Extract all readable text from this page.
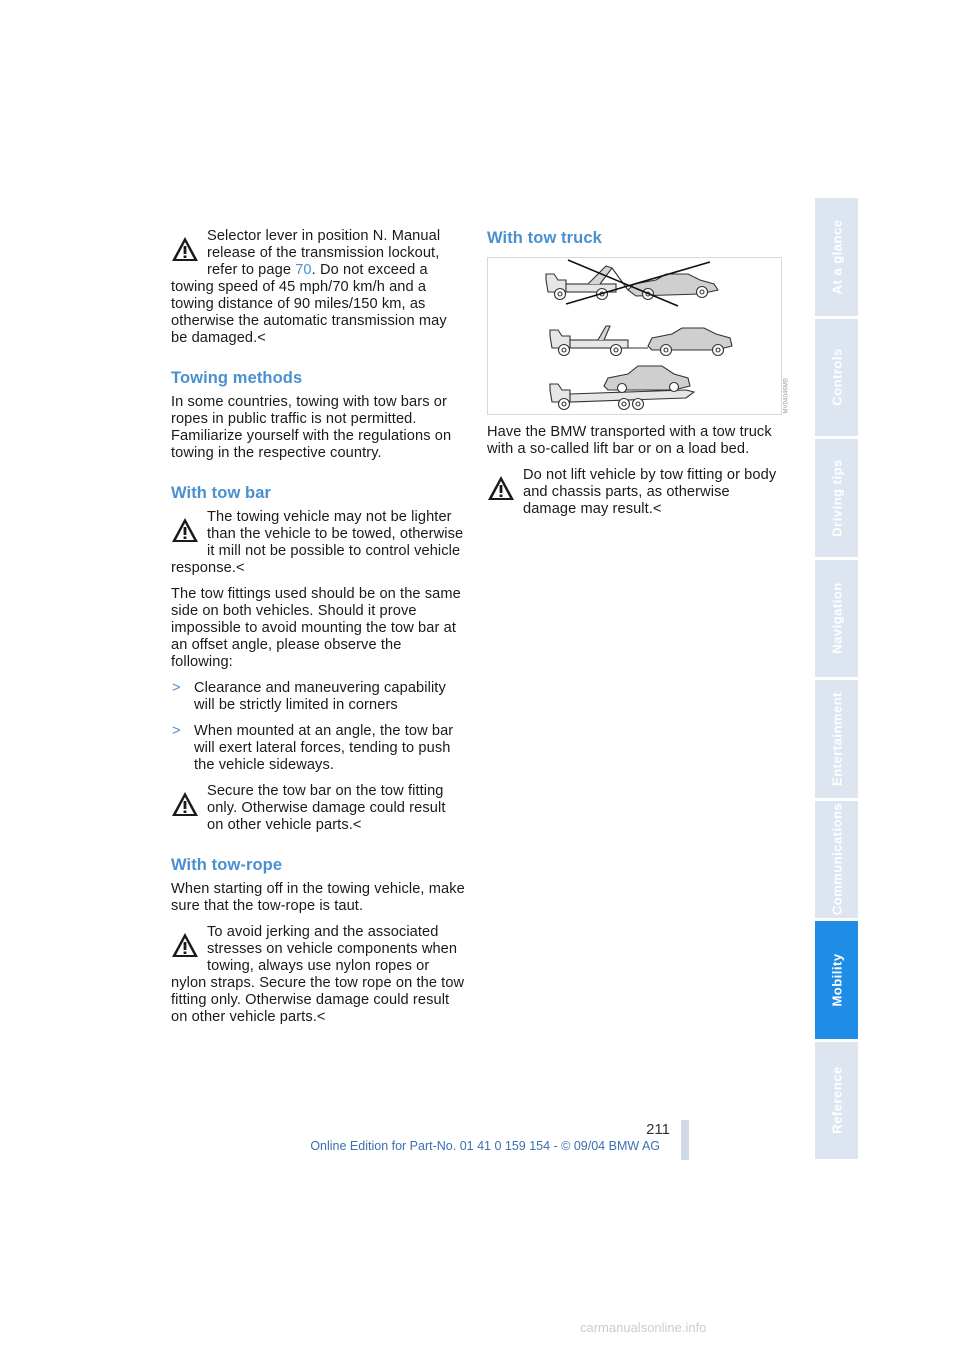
Selector lever in position N. Manual release of the transmission lockout, refer to page 70. Do not exceed a towing speed of 45 mph/70 km/h and a towing distance of 90 miles/150 km, as otherwise the automatic transmission may be damaged.<
Towing methods

In some countries, towing with tow bars or ropes in public traffic is not permitted. Familiarize yourself with the regulations on towing in the respective country.

With tow bar
The towing vehicle may not be lighter than the vehicle to be towed, otherwise it mill not be possible to control vehicle response.<

The tow fittings used should be on the same side on both vehicles. Should it prove impossible to avoid mounting the tow bar at an offset angle, please observe the following:

> Clearance and maneuvering capability will be strictly limited in corners
> When mounted at an angle, the tow bar will exert lateral forces, tending to push the vehicle sideways.
Secure the tow bar on the tow fitting only. Otherwise damage could result on other vehicle parts.<
With tow-rope

When starting off in the towing vehicle, make sure that the tow-rope is taut.

To avoid jerking and the associated stresses on vehicle components when towing, always use nylon ropes or nylon straps. Secure the tow rope on the tow fitting only. Otherwise damage could result on other vehicle parts.<
With tow truck
MV04046MB

Have the BMW transported with a tow truck with a so-called lift bar or on a load bed.

Do not lift vehicle by tow fitting or body and chassis parts, as otherwise damage may result.<
At a glance
Controls
Driving tips
Navigation
Entertainment
Communications
Mobility
Reference
211
Online Edition for Part-No. 01 41 0 159 154 - © 09/04 BMW AG
carmanualsonline.info
